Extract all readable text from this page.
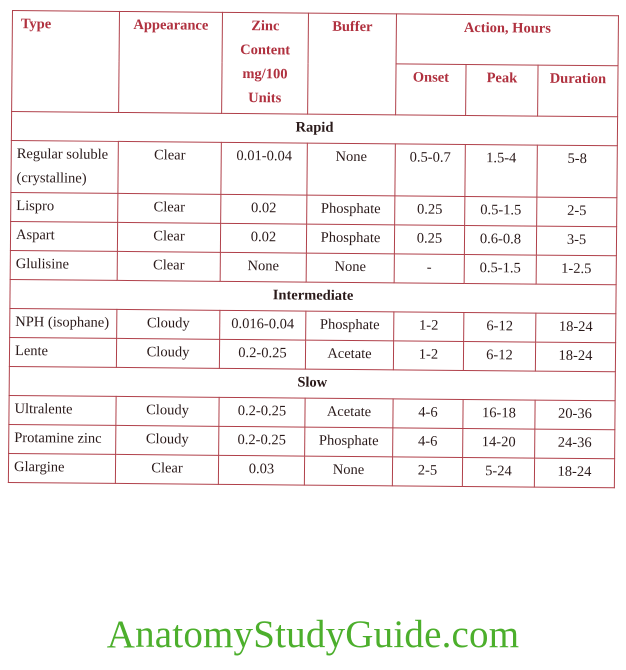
Type	Appearance	Zinc Content mg/100 Units	Buffer	Action, Hours		
				Onset	Peak	Duration
Rapid						
Regular soluble (crystalline)	Clear	0.01-0.04	None	0.5-0.7	1.5-4	5-8
Lispro	Clear	0.02	Phosphate	0.25	0.5-1.5	2-5
Aspart	Clear	0.02	Phosphate	0.25	0.6-0.8	3-5
Glulisine	Clear	None	None	-	0.5-1.5	1-2.5
Intermediate						
NPH (isophane)	Cloudy	0.016-0.04	Phosphate	1-2	6-12	18-24
Lente	Cloudy	0.2-0.25	Acetate	1-2	6-12	18-24
Slow						
Ultralente	Cloudy	0.2-0.25	Acetate	4-6	16-18	20-36
Protamine zinc	Cloudy	0.2-0.25	Phosphate	4-6	14-20	24-36
Glargine	Clear	0.03	None	2-5	5-24	18-24
AnatomyStudyGuide.com
